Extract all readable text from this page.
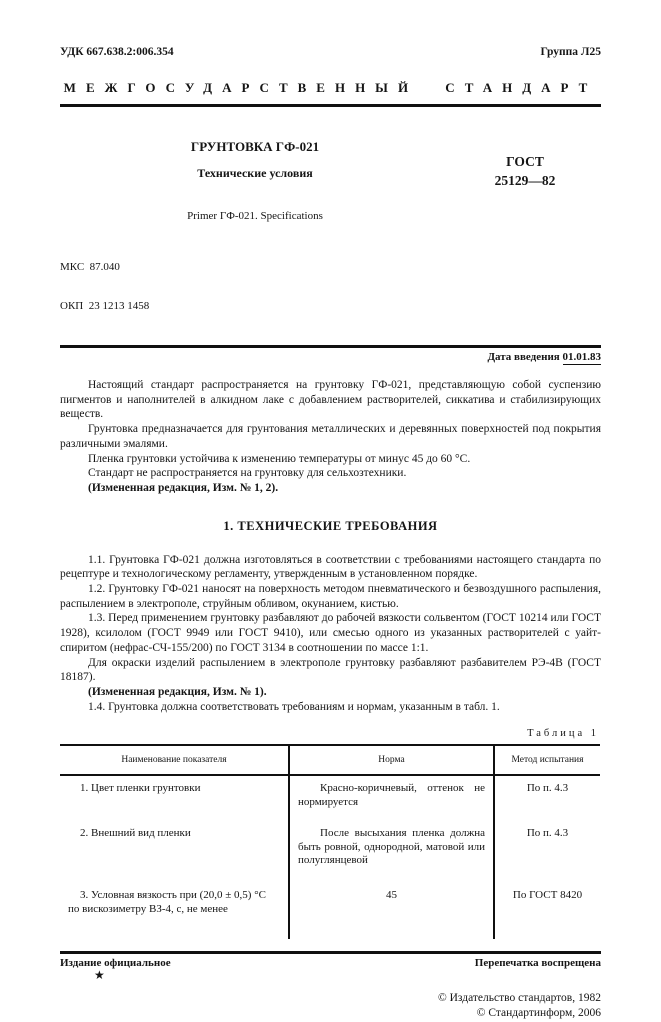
УДК 667.638.2:006.354	Группа Л25
МЕЖГОСУДАРСТВЕННЫЙ СТАНДАРТ
ГРУНТОВКА ГФ-021
Технические условия
ГОСТ
25129—82
Primer ГФ-021. Specifications

МКС  87.040

ОКП  23 1213 1458

Дата введения 01.01.83

Настоящий стандарт распространяется на грунтовку ГФ-021, представляющую собой суспензию пигментов и наполнителей в алкидном лаке с добавлением растворителей, сиккатива и стабилизирующих веществ.

Грунтовка предназначается для грунтования металлических и деревянных поверхностей под покрытия различными эмалями.

Пленка грунтовки устойчива к изменению температуры от минус 45 до 60 °С.

Стандарт не распространяется на грунтовку для сельхозтехники.

(Измененная редакция, Изм. № 1, 2).

1. ТЕХНИЧЕСКИЕ ТРЕБОВАНИЯ

1.1. Грунтовка ГФ-021 должна изготовляться в соответствии с требованиями настоящего стандарта по рецептуре и технологическому регламенту, утвержденным в установленном порядке.

1.2. Грунтовку ГФ-021 наносят на поверхность методом пневматического и безвоздушного распыления, распылением в электрополе, струйным обливом, окунанием, кистью.

1.3. Перед применением грунтовку разбавляют до рабочей вязкости сольвентом (ГОСТ 10214 или ГОСТ 1928), ксилолом (ГОСТ 9949 или ГОСТ 9410), или смесью одного из указанных растворителей с уайт-спиритом (нефрас-СЧ-155/200) по ГОСТ 3134 в соотношении по массе 1:1.

Для окраски изделий распылением в электрополе грунтовку разбавляют разбавителем РЭ-4В (ГОСТ 18187).

(Измененная редакция, Изм. № 1).

1.4. Грунтовка должна соответствовать требованиям и нормам, указанным в табл. 1.

Таблица 1
Наименование показателя	Норма	Метод испытания
1. Цвет пленки грунтовки	Красно-коричневый, оттенок не нормируется	По п. 4.3
2. Внешний вид пленки	После высыхания пленка должна быть ровной, однородной, матовой или полуглянцевой	По п. 4.3
3. Условная вязкость при (20,0 ± 0,5) °С по вискозиметру ВЗ-4, с, не менее	45	По ГОСТ 8420
Издание официальное	Перепечатка воспрещена
★
© Издательство стандартов, 1982
© Стандартинформ, 2006
